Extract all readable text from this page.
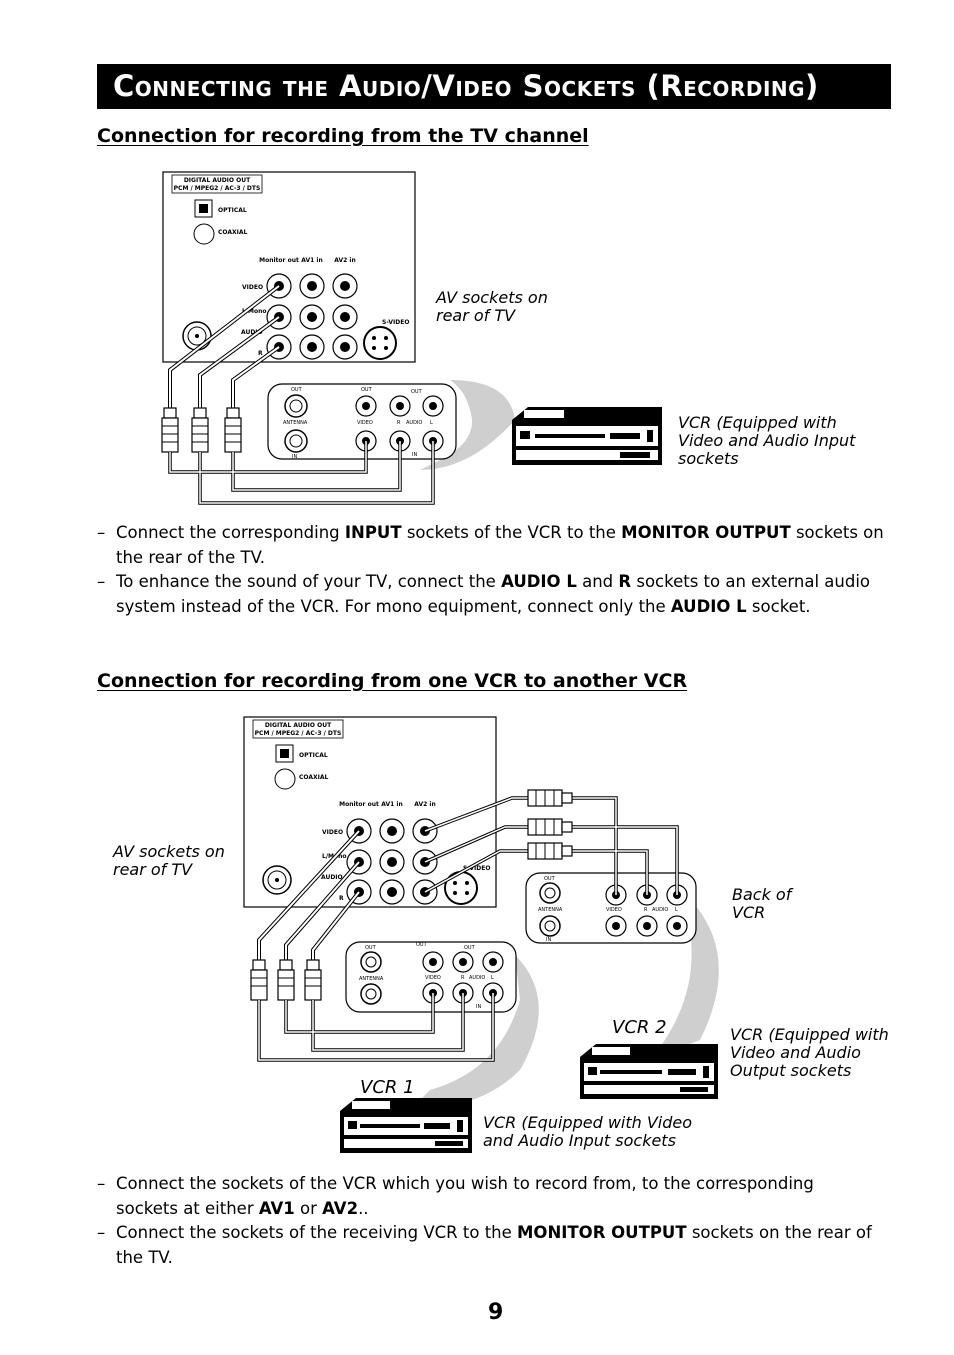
Connecting the Audio/Video Sockets (Recording)
Connection for recording from the TV channel
DIGITAL AUDIO OUT
PCM / MPEG2 / AC-3 / DTS
OPTICAL
COAXIAL
Monitor out AV1 in AV2 in
VIDEO
L/Mono
AUDIO
R
S-VIDEO
OUT	OUT	OUT
ANTENNA
IN
VIDEO	R AUDIO L
IN
AV sockets on rear of TV
VCR (Equipped with Video and Audio Input sockets
– Connect the corresponding INPUT sockets of the VCR to the MONITOR OUTPUT sockets on the rear of the TV.
– To enhance the sound of your TV, connect the AUDIO L and R sockets to an external audio system instead of the VCR. For mono equipment, connect only the AUDIO L socket.
Connection for recording from one VCR to another VCR
DIGITAL AUDIO OUT
PCM / MPEG2 / AC-3 / DTS
OPTICAL
COAXIAL
Monitor out AV1 in AV2 in
VIDEO
L/Mono
AUDIO
R
S-VIDEO
OUT
ANTENNA
IN
VIDEO	R AUDIO L
OUT	OUT	OUT
ANTENNA	VIDEO	R AUDIO L
IN
AV sockets on rear of TV
Back of VCR
VCR 2	VCR (Equipped with Video and Audio Output sockets
VCR 1
VCR (Equipped with Video and Audio Input sockets
– Connect the sockets of the VCR which you wish to record from, to the corresponding sockets at either AV1 or AV2..
– Connect the sockets of the receiving VCR to the MONITOR OUTPUT sockets on the rear of the TV.
9
